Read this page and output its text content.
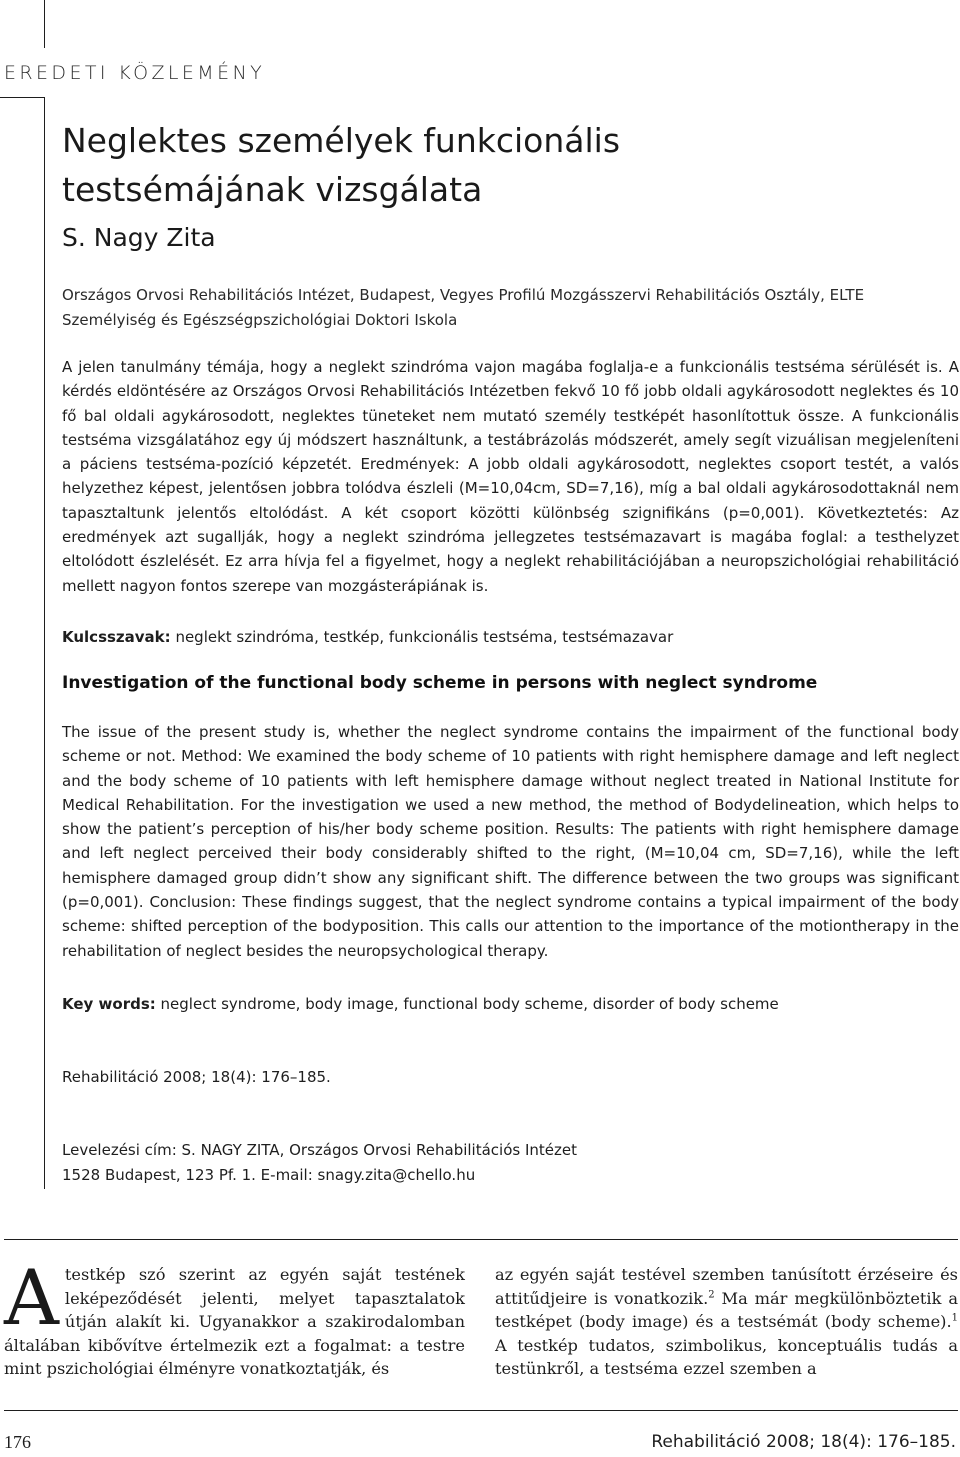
EREDETI KÖZLEMÉNY
Neglektes személyek funkcionális testsémájának vizsgálata
S. Nagy Zita
Országos Orvosi Rehabilitációs Intézet, Budapest, Vegyes Profilú Mozgásszervi Rehabilitációs Osztály, ELTE Személyiség és Egészségpszichológiai Doktori Iskola

A jelen tanulmány témája, hogy a neglekt szindróma vajon magába foglalja-e a funkcionális testséma sérülését is. A kérdés eldöntésére az Országos Orvosi Rehabilitációs Intézetben fekvő 10 fő jobb oldali agykárosodott neglektes és 10 fő bal oldali agykárosodott, neglektes tüneteket nem mutató személy testképét hasonlítottuk össze. A funkcionális testséma vizsgálatához egy új módszert használtunk, a testábrázolás módszerét, amely segít vizuálisan megjeleníteni a páciens testséma-pozíció képzetét. Eredmények: A jobb oldali agykárosodott, neglektes csoport testét, a valós helyzethez képest, jelentősen jobbra tolódva észleli (M=10,04cm, SD=7,16), míg a bal oldali agykárosodottaknál nem tapasztaltunk jelentős eltolódást. A két csoport közötti különbség szignifikáns (p=0,001). Következtetés: Az eredmények azt sugallják, hogy a neglekt szindróma jellegzetes testsémazavart is magába foglal: a testhelyzet eltolódott észlelését. Ez arra hívja fel a figyelmet, hogy a neglekt rehabilitációjában a neuropszichológiai rehabilitáció mellett nagyon fontos szerepe van mozgásterápiának is.

Kulcsszavak: neglekt szindróma, testkép, funkcionális testséma, testsémazavar
Investigation of the functional body scheme in persons with neglect syndrome

The issue of the present study is, whether the neglect syndrome contains the impairment of the functional body scheme or not. Method: We examined the body scheme of 10 patients with right hemisphere damage and left neglect and the body scheme of 10 patients with left hemisphere damage without neglect treated in National Institute for Medical Rehabilitation. For the investigation we used a new method, the method of Bodydelineation, which helps to show the patient’s perception of his/her body scheme position. Results: The patients with right hemisphere damage and left neglect perceived their body considerably shifted to the right, (M=10,04 cm, SD=7,16), while the left hemisphere damaged group didn’t show any significant shift. The difference between the two groups was significant (p=0,001). Conclusion: These findings suggest, that the neglect syndrome contains a typical impairment of the body scheme: shifted perception of the bodyposition. This calls our attention to the importance of the motiontherapy in the rehabilitation of neglect besides the neuropsychological therapy.

Key words: neglect syndrome, body image, functional body scheme, disorder of body scheme
Rehabilitáció 2008; 18(4): 176–185.
Levelezési cím: S. NAGY ZITA, Országos Orvosi Rehabilitációs Intézet
1528 Budapest, 123 Pf. 1. E-mail: snagy.zita@chello.hu
Atestkép szó szerint az egyén saját testének leképeződését jelenti, melyet tapasztalatok útján alakít ki. Ugyanakkor a szakirodalomban általában kibővítve értelmezik ezt a fogalmat: a testre mint pszichológiai élményre vonatkoztatják, és
az egyén saját testével szemben tanúsított érzéseire és attitűdjeire is vonatkozik.$^2$ Ma már megkülönböztetik a testképet (body image) és a testsémát (body scheme).$^1$ A testkép tudatos, szimbolikus, konceptuális tudás a testünkről, a testséma ezzel szemben a
176	Rehabilitáció 2008; 18(4): 176–185.
